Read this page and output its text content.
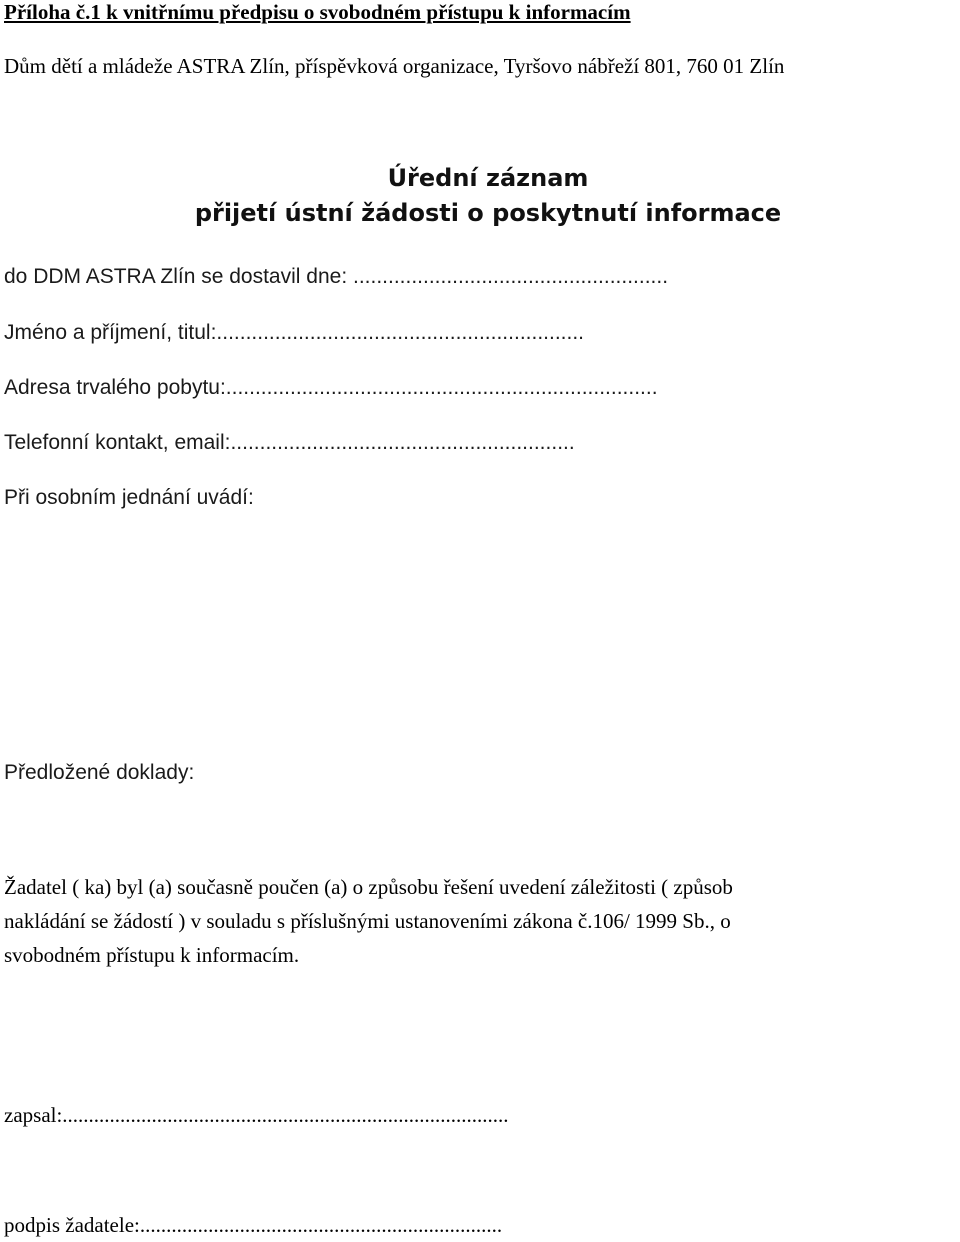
Příloha č.1 k vnitřnímu předpisu o svobodném přístupu k informacím
Dům dětí a mládeže ASTRA Zlín, příspěvková organizace, Tyršovo nábřeží 801, 760 01 Zlín
Úřední záznam
přijetí ústní žádosti o poskytnutí informace
do DDM ASTRA Zlín se dostavil dne: ......................................................
Jméno a příjmení, titul:...............................................................
Adresa trvalého pobytu:..........................................................................
Telefonní kontakt, email:...........................................................
Při osobním jednání uvádí:
Předložené doklady:
Žadatel ( ka) byl (a) současně poučen (a) o způsobu řešení uvedení záležitosti ( způsob
nakládání se žádostí ) v souladu s příslušnými ustanoveními zákona č.106/ 1999 Sb., o
svobodném přístupu k informacím.
zapsal:.....................................................................................
podpis žadatele:.....................................................................
